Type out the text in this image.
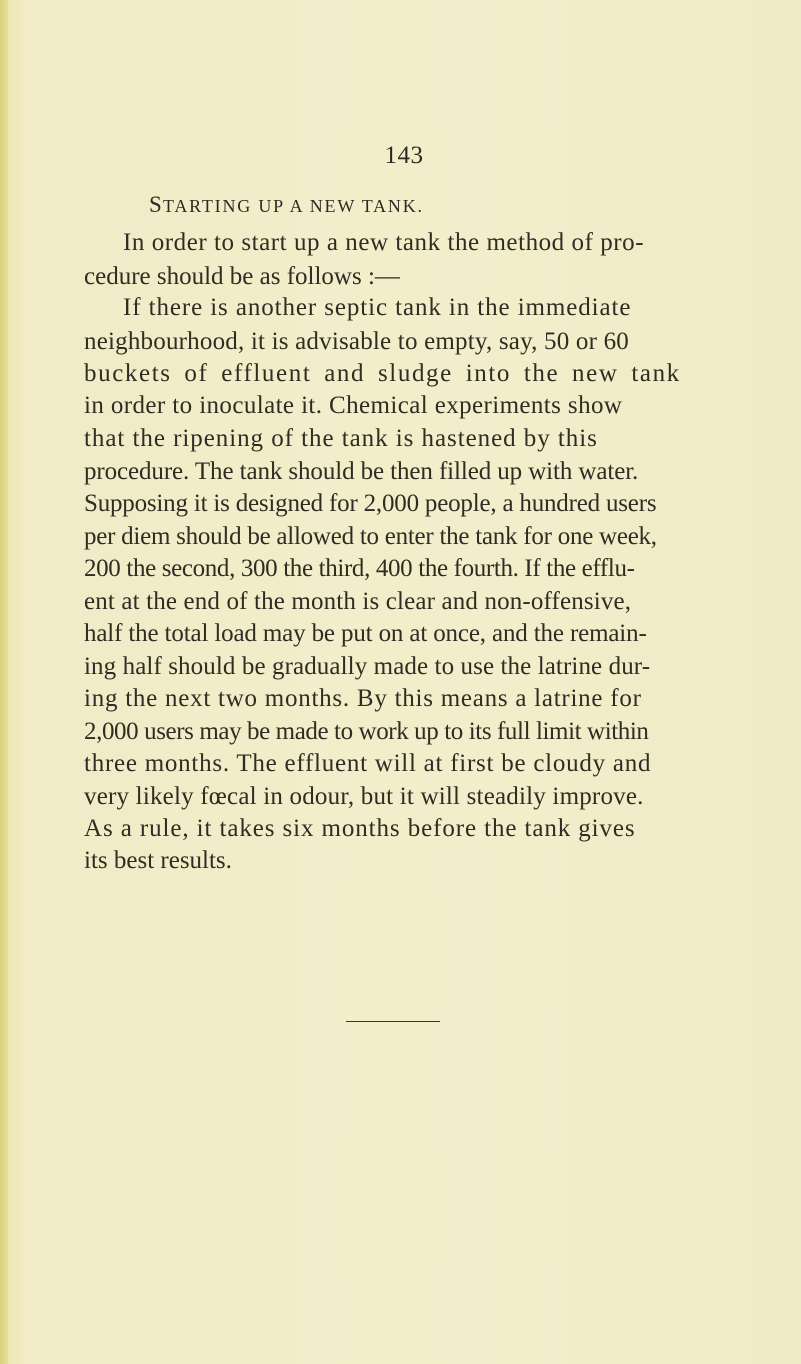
143
STARTING UP A NEW TANK.
In order to start up a new tank the method of pro-
cedure should be as follows :—
If there is another septic tank in the immediate
neighbourhood, it is advisable to empty, say, 50 or 60
buckets of effluent and sludge into the new tank
in order to inoculate it. Chemical experiments show
that the ripening of the tank is hastened by this
procedure. The tank should be then filled up with water.
Supposing it is designed for 2,000 people, a hundred users
per diem should be allowed to enter the tank for one week,
200 the second, 300 the third, 400 the fourth. If the efflu-
ent at the end of the month is clear and non-offensive,
half the total load may be put on at once, and the remain-
ing half should be gradually made to use the latrine dur-
ing the next two months. By this means a latrine for
2,000 users may be made to work up to its full limit within
three months. The effluent will at first be cloudy and
very likely fœcal in odour, but it will steadily improve.
As a rule, it takes six months before the tank gives
its best results.
